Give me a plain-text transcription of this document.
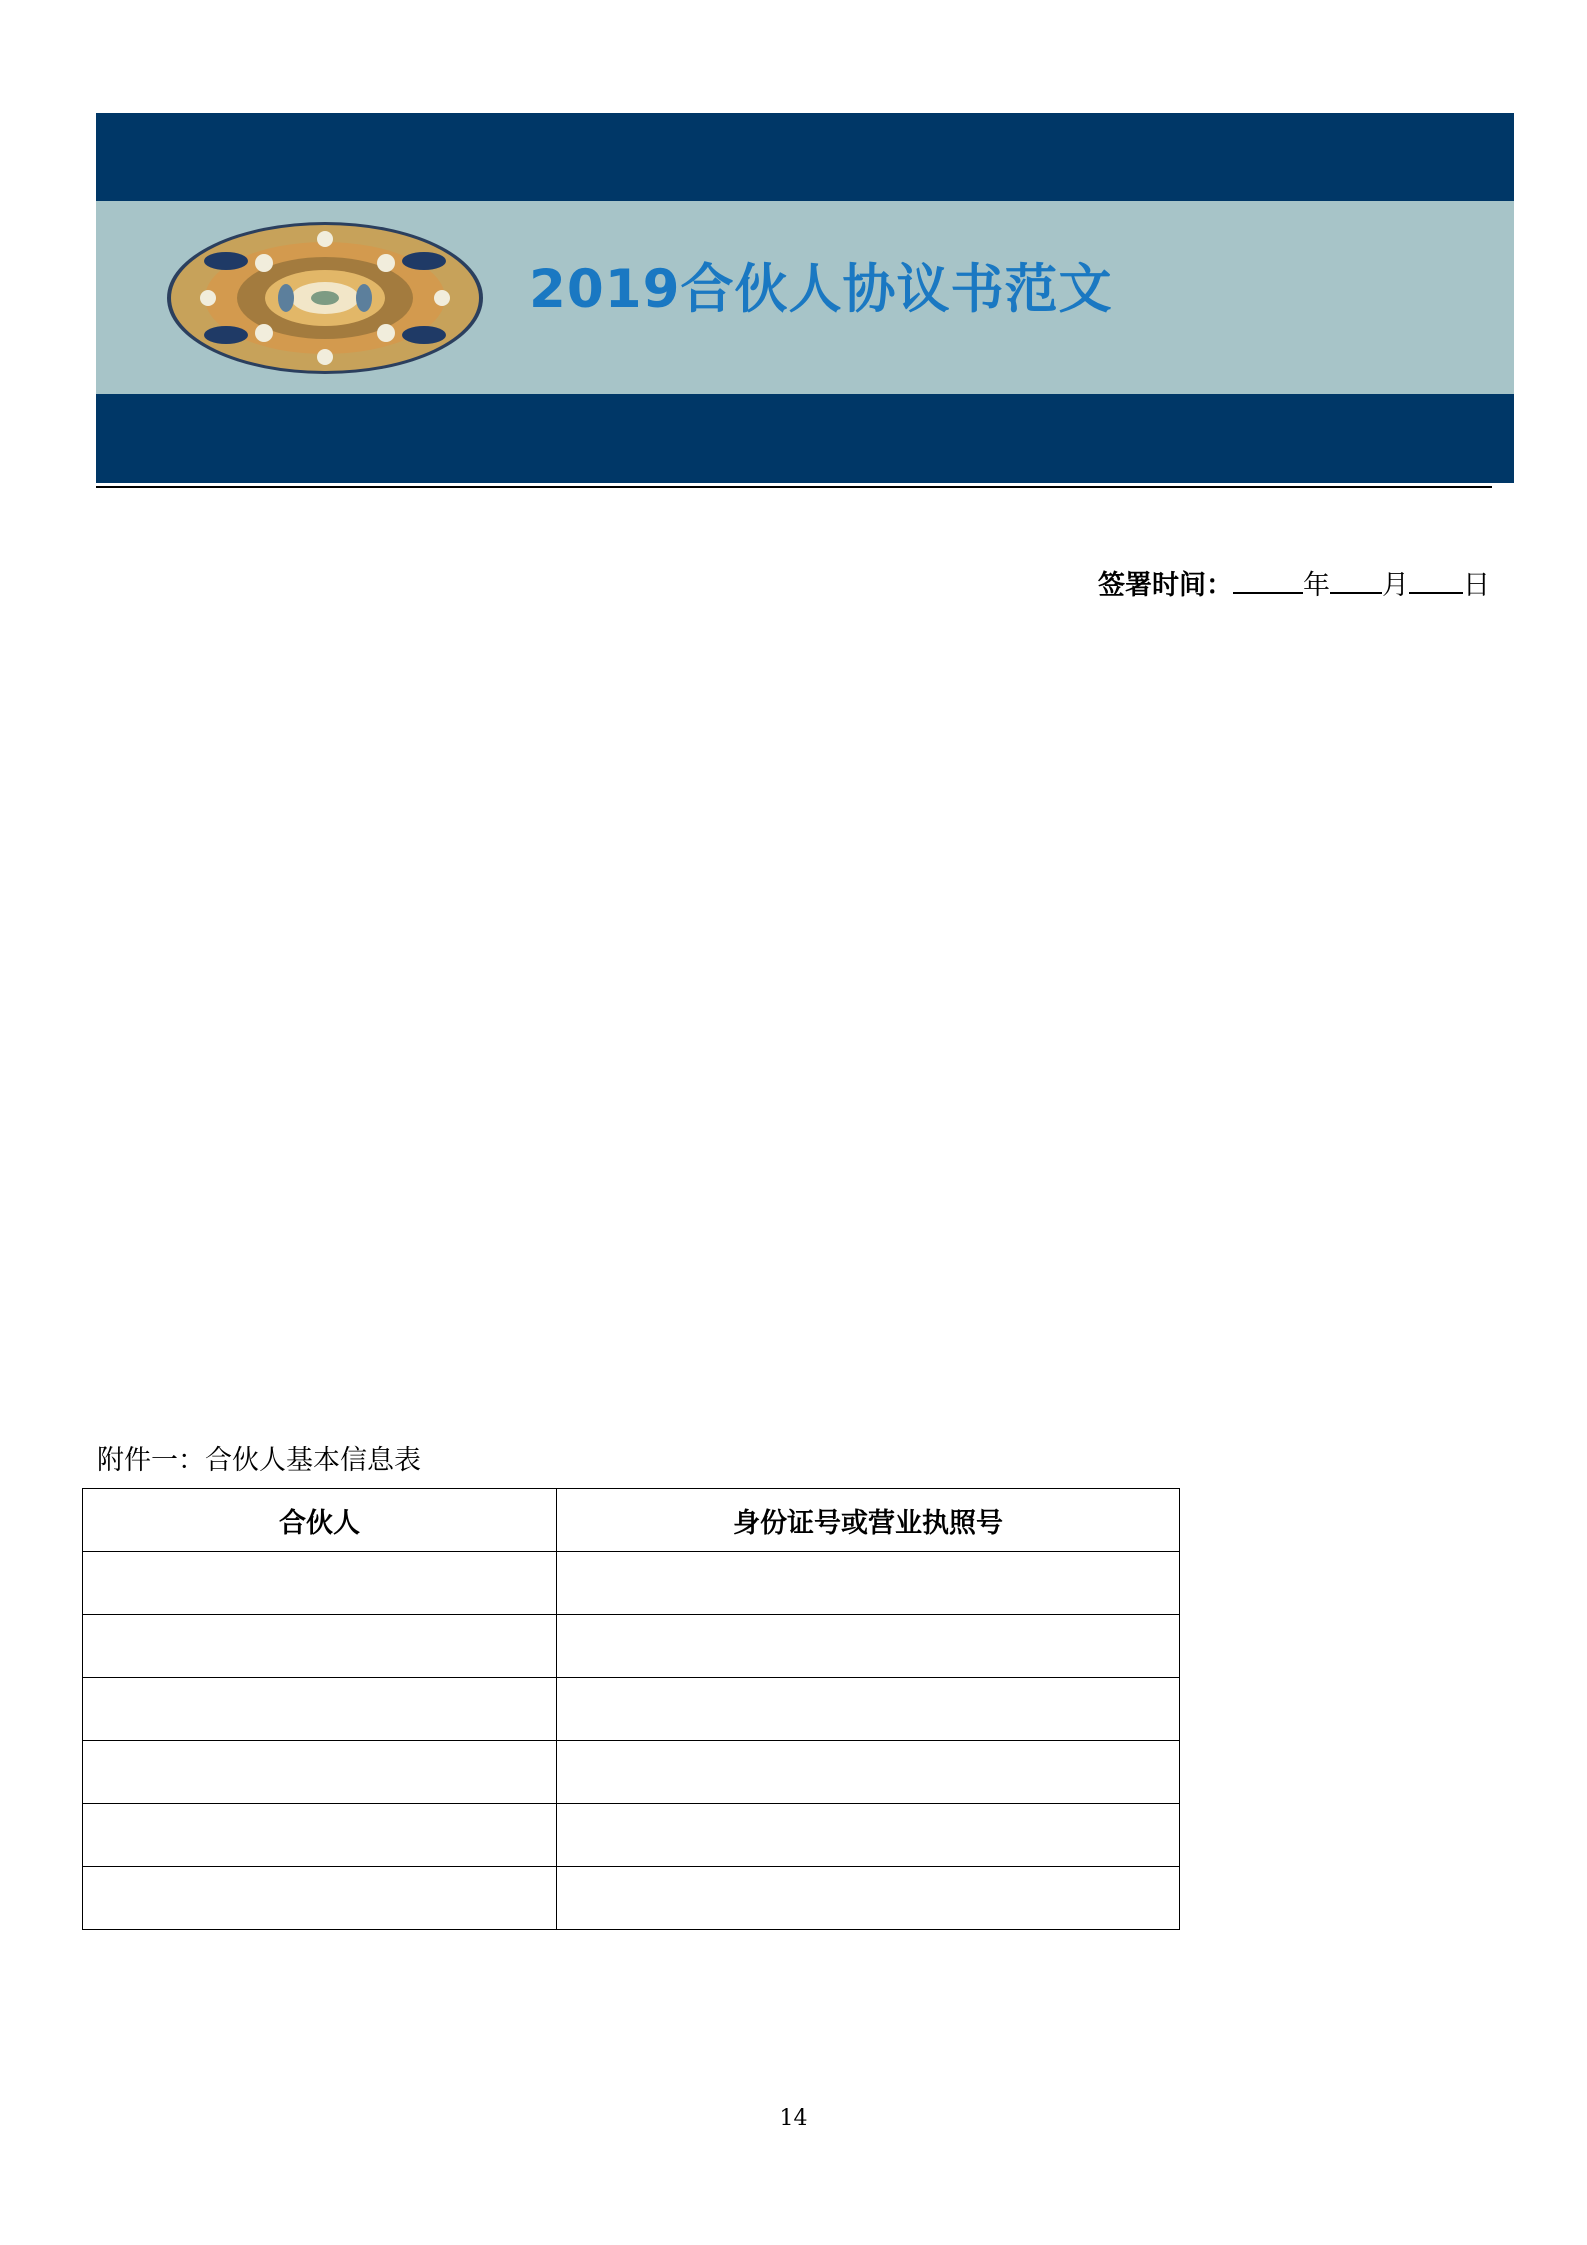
2019合伙人协议书范文
签署时间：	年 月 日
附件一：合伙人基本信息表
合伙人	身份证号或营业执照号

14
